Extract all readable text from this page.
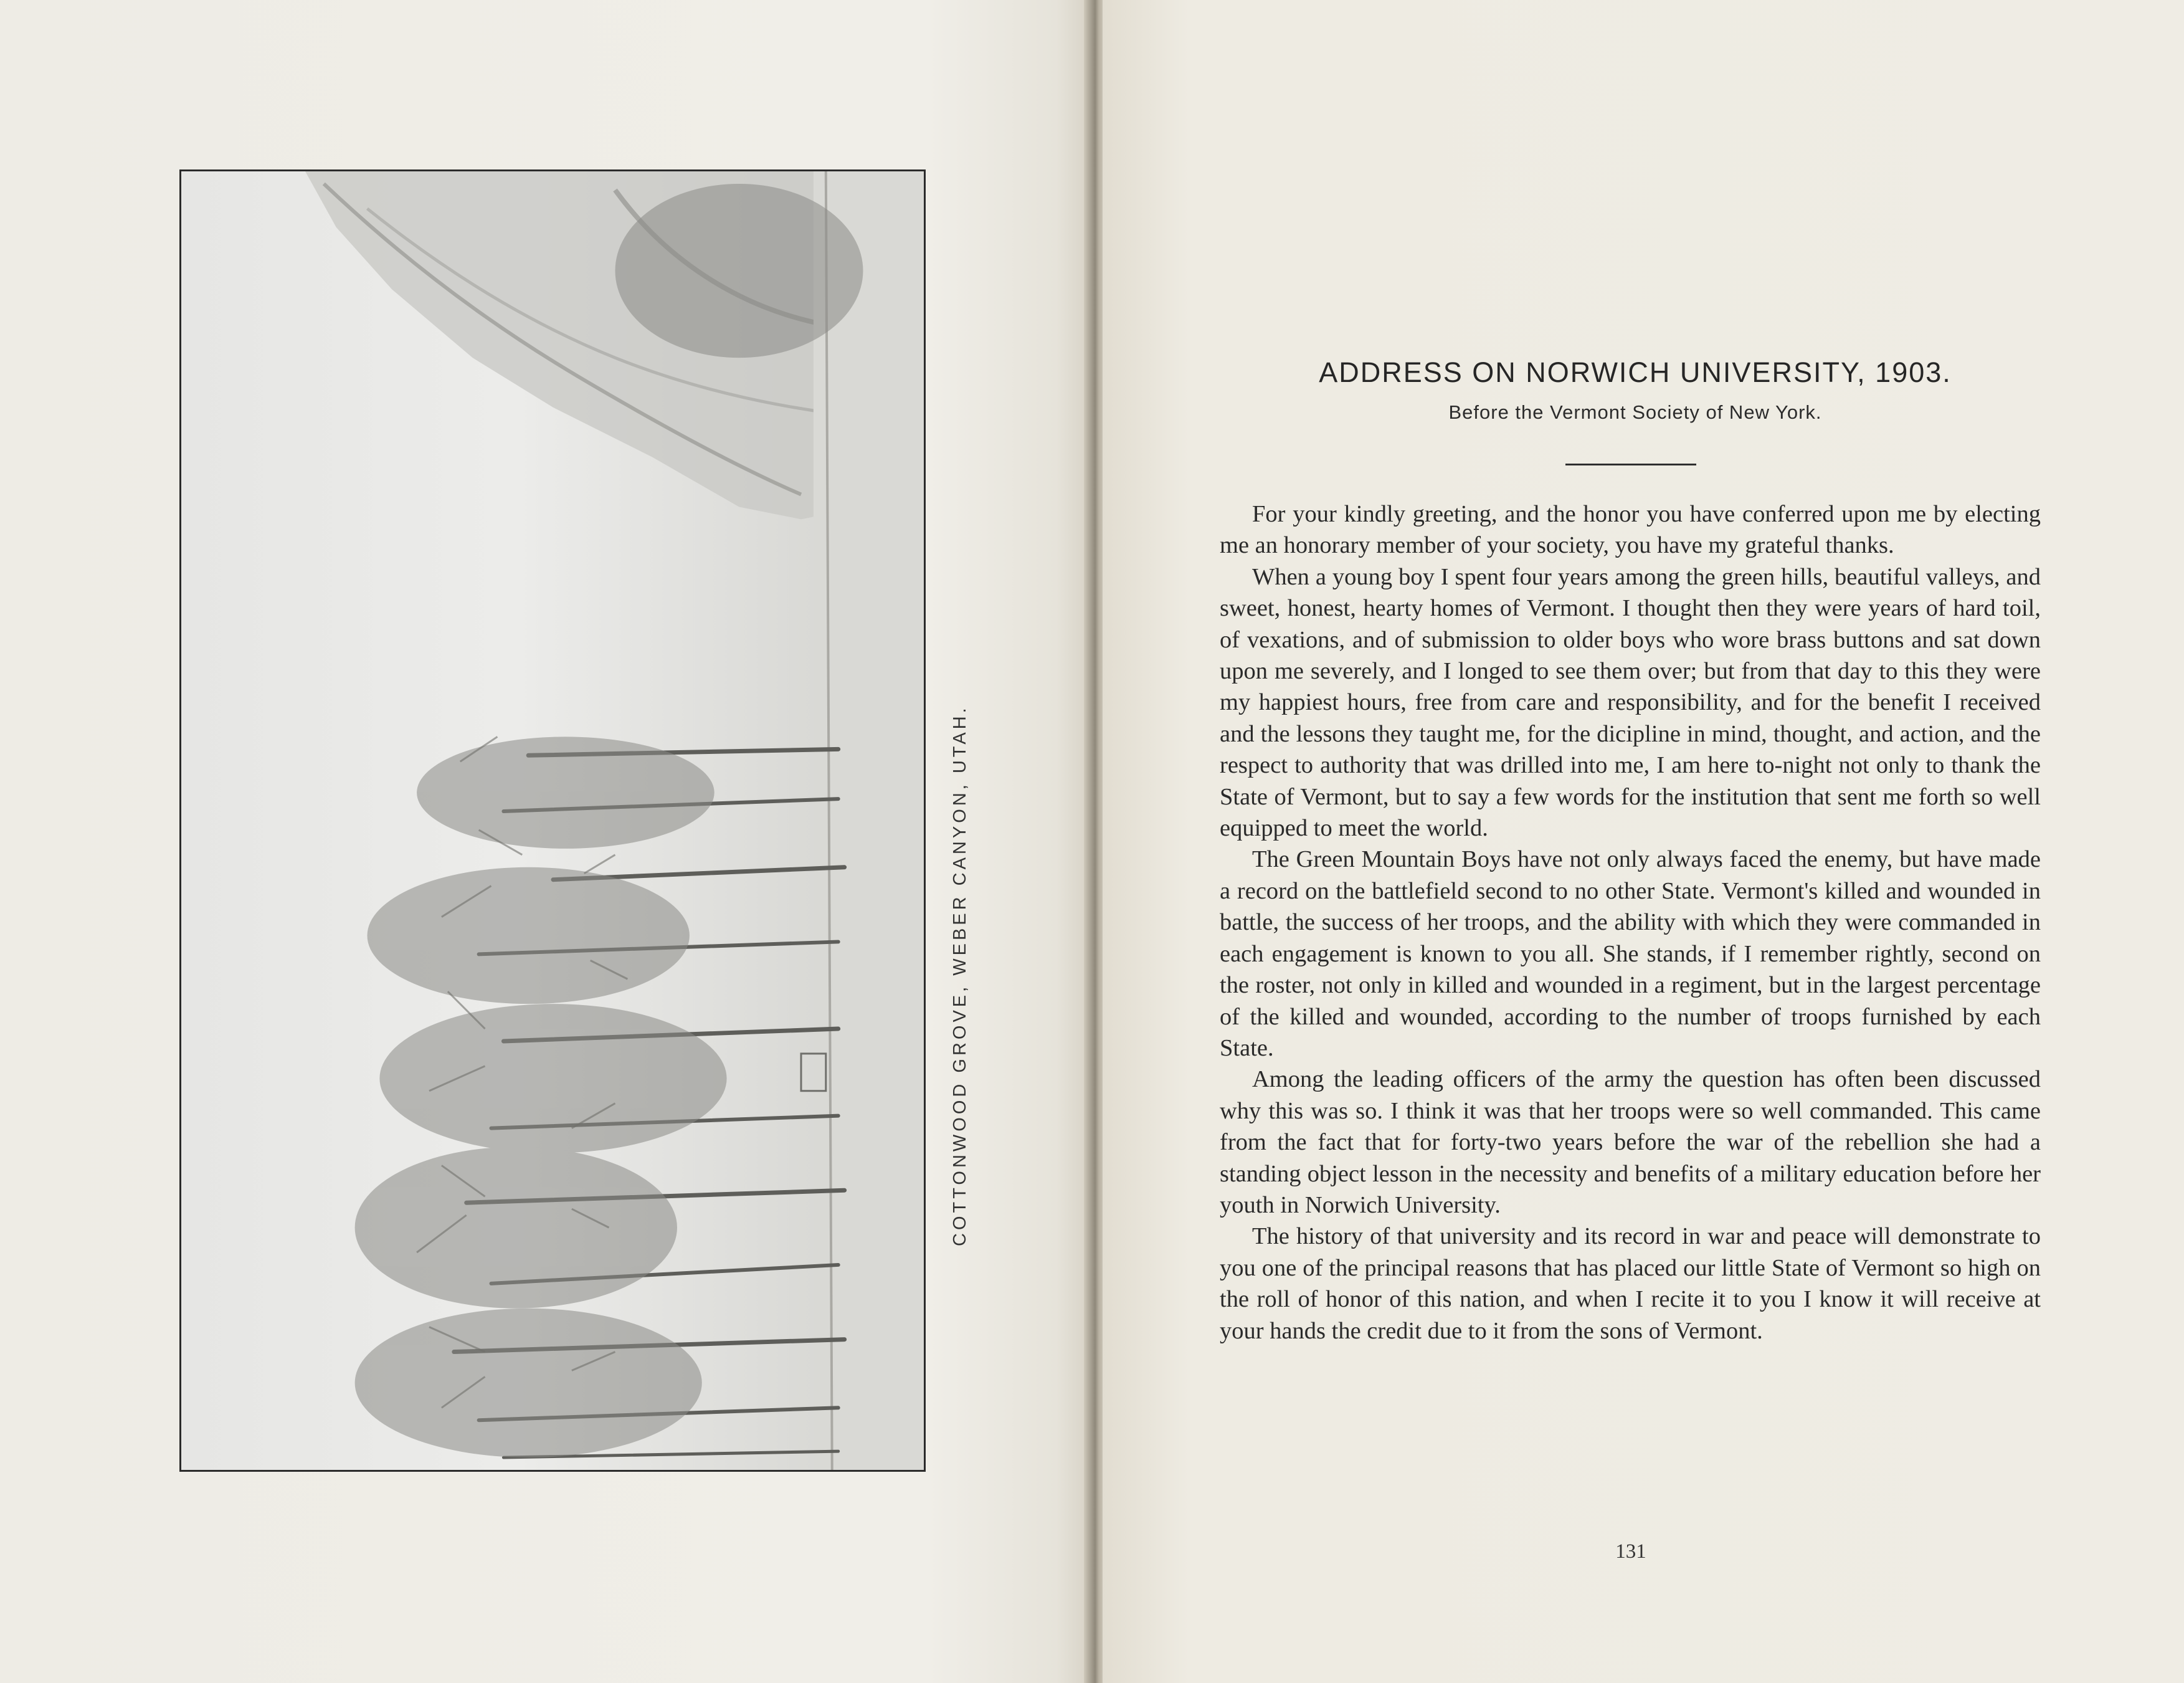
COTTONWOOD GROVE, WEBER CANYON, UTAH.
ADDRESS ON NORWICH UNIVERSITY, 1903.
Before the Vermont Society of New York.

For your kindly greeting, and the honor you have conferred upon me by electing me an honorary member of your society, you have my grateful thanks.

When a young boy I spent four years among the green hills, beautiful valleys, and sweet, honest, hearty homes of Vermont. I thought then they were years of hard toil, of vexations, and of submission to older boys who wore brass buttons and sat down upon me severely, and I longed to see them over; but from that day to this they were my happiest hours, free from care and responsibility, and for the benefit I received and the lessons they taught me, for the dicipline in mind, thought, and action, and the respect to authority that was drilled into me, I am here to-night not only to thank the State of Vermont, but to say a few words for the institution that sent me forth so well equipped to meet the world.

The Green Mountain Boys have not only always faced the enemy, but have made a record on the battlefield second to no other State. Vermont's killed and wounded in battle, the success of her troops, and the ability with which they were commanded in each engagement is known to you all. She stands, if I remember rightly, second on the roster, not only in killed and wounded in a regiment, but in the largest percentage of the killed and wounded, according to the number of troops furnished by each State.

Among the leading officers of the army the question has often been discussed why this was so. I think it was that her troops were so well commanded. This came from the fact that for forty-two years before the war of the rebellion she had a standing object lesson in the necessity and benefits of a military education before her youth in Norwich University.

The history of that university and its record in war and peace will demonstrate to you one of the principal reasons that has placed our little State of Vermont so high on the roll of honor of this nation, and when I recite it to you I know it will receive at your hands the credit due to it from the sons of Vermont.

131
